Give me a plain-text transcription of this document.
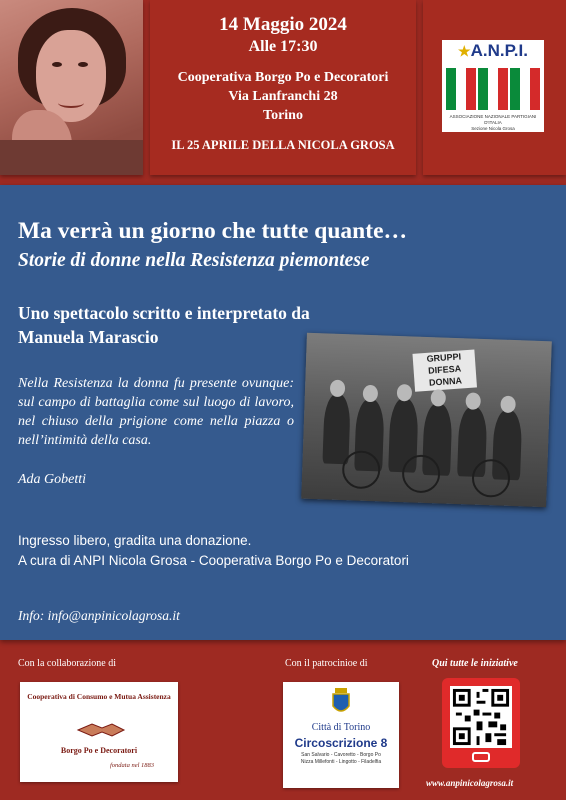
14 Maggio 2024
Alle 17:30
Cooperativa Borgo Po e Decoratori
Via Lanfranchi 28
Torino
IL 25 APRILE DELLA NICOLA GROSA
★A.N.P.I.
ASSOCIAZIONE NAZIONALE PARTIGIANI D'ITALIA
Sezione Nicola Grosa
Ma verrà un giorno che tutte quante…
Storie di donne nella Resistenza piemontese
Uno spettacolo scritto e interpretato da
Manuela Marascio
Nella Resistenza la donna fu presente ovunque: sul campo di battaglia come sul luogo di lavoro, nel chiuso della prigione come nella piazza o nell’intimità della casa.
Ada Gobetti
Ingresso libero, gradita una donazione.
A cura di ANPI Nicola Grosa - Cooperativa Borgo Po e Decoratori
Info: info@anpinicolagrosa.it
GRUPPI
DIFESA DONNA
Con la collaborazione di	Con il patrocinioe di
Cooperativa di Consumo e Mutua Assistenza
Borgo Po e Decoratori
fondata nel 1883
Città di Torino
Circoscrizione 8
San Salvario - Cavoretto - Borgo Po
Nizza Millefonti - Lingotto - Filadelfia
Qui tutte le iniziative
www.anpinicolagrosa.it
